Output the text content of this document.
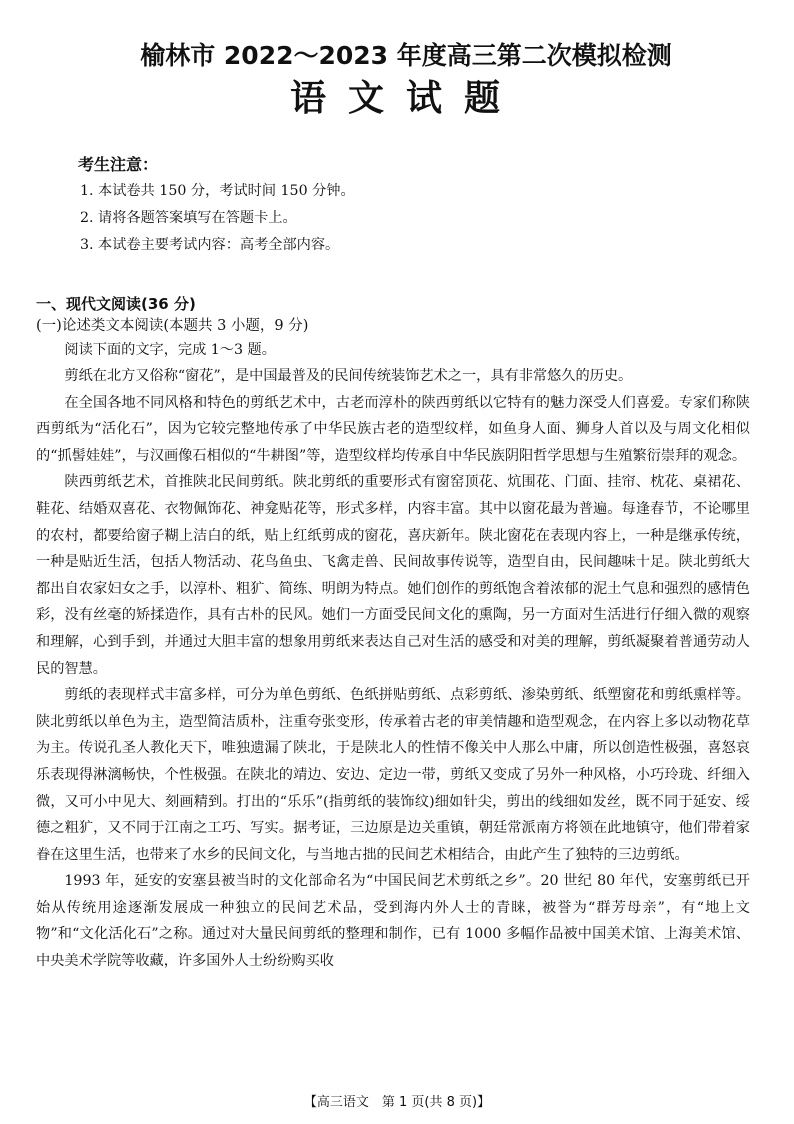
榆林市 2022～2023 年度高三第二次模拟检测
语文试题
考生注意：
1. 本试卷共 150 分，考试时间 150 分钟。
2. 请将各题答案填写在答题卡上。
3. 本试卷主要考试内容：高考全部内容。
一、现代文阅读(36 分)
(一)论述类文本阅读(本题共 3 小题，9 分)
阅读下面的文字，完成 1～3 题。

剪纸在北方又俗称“窗花”，是中国最普及的民间传统装饰艺术之一，具有非常悠久的历史。

在全国各地不同风格和特色的剪纸艺术中，古老而淳朴的陕西剪纸以它特有的魅力深受人们喜爱。专家们称陕西剪纸为“活化石”，因为它较完整地传承了中华民族古老的造型纹样，如鱼身人面、狮身人首以及与周文化相似的“抓髻娃娃”，与汉画像石相似的“牛耕图”等，造型纹样均传承自中华民族阴阳哲学思想与生殖繁衍崇拜的观念。

陕西剪纸艺术，首推陕北民间剪纸。陕北剪纸的重要形式有窗窑顶花、炕围花、门面、挂帘、枕花、桌裙花、鞋花、结婚双喜花、衣物佩饰花、神龛贴花等，形式多样，内容丰富。其中以窗花最为普遍。每逢春节，不论哪里的农村，都要给窗子糊上洁白的纸，贴上红纸剪成的窗花，喜庆新年。陕北窗花在表现内容上，一种是继承传统，一种是贴近生活，包括人物活动、花鸟鱼虫、飞禽走兽、民间故事传说等，造型自由，民间趣味十足。陕北剪纸大都出自农家妇女之手，以淳朴、粗犷、简练、明朗为特点。她们创作的剪纸饱含着浓郁的泥土气息和强烈的感情色彩，没有丝毫的矫揉造作，具有古朴的民风。她们一方面受民间文化的熏陶，另一方面对生活进行仔细入微的观察和理解，心到手到，并通过大胆丰富的想象用剪纸来表达自己对生活的感受和对美的理解，剪纸凝聚着普通劳动人民的智慧。

剪纸的表现样式丰富多样，可分为单色剪纸、色纸拼贴剪纸、点彩剪纸、渗染剪纸、纸塑窗花和剪纸熏样等。陕北剪纸以单色为主，造型简洁质朴，注重夸张变形，传承着古老的审美情趣和造型观念，在内容上多以动物花草为主。传说孔圣人教化天下，唯独遗漏了陕北，于是陕北人的性情不像关中人那么中庸，所以创造性极强，喜怒哀乐表现得淋漓畅快，个性极强。在陕北的靖边、安边、定边一带，剪纸又变成了另外一种风格，小巧玲珑、纤细入微，又可小中见大、刻画精到。打出的“乐乐”(指剪纸的装饰纹)细如针尖，剪出的线细如发丝，既不同于延安、绥德之粗犷，又不同于江南之工巧、写实。据考证，三边原是边关重镇，朝廷常派南方将领在此地镇守，他们带着家眷在这里生活，也带来了水乡的民间文化，与当地古拙的民间艺术相结合，由此产生了独特的三边剪纸。

1993 年，延安的安塞县被当时的文化部命名为“中国民间艺术剪纸之乡”。20 世纪 80 年代，安塞剪纸已开始从传统用途逐渐发展成一种独立的民间艺术品，受到海内外人士的青睐，被誉为“群芳母亲”，有“地上文物”和“文化活化石”之称。通过对大量民间剪纸的整理和制作，已有 1000 多幅作品被中国美术馆、上海美术馆、中央美术学院等收藏，许多国外人士纷纷购买收

【高三语文　第 1 页(共 8 页)】
